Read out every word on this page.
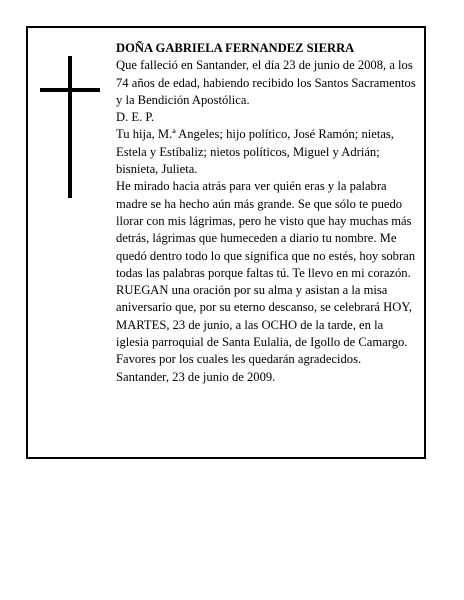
DOÑA GABRIELA FERNANDEZ SIERRA

Que falleció en Santander, el día 23 de junio de 2008, a los 74 años de edad, habiendo recibido los Santos Sacramentos y la Bendición Apostólica.

D. E. P.

Tu hija, M.ª Angeles; hijo político, José Ramón; nietas, Estela y Estíbaliz; nietos políticos, Miguel y Adrián; bisnieta, Julieta.

He mirado hacia atrás para ver quién eras y la palabra madre se ha hecho aún más grande. Se que sólo te puedo llorar con mis lágrimas, pero he visto que hay muchas más detrás, lágrimas que humeceden a diario tu nombre. Me quedó dentro todo lo que significa que no estés, hoy sobran todas las palabras porque faltas tú. Te llevo en mi corazón.

RUEGAN una oración por su alma y asistan a la misa aniversario que, por su eterno descanso, se celebrará HOY, MARTES, 23 de junio, a las OCHO de la tarde, en la iglesia parroquial de Santa Eulalia, de Igollo de Camargo. Favores por los cuales les quedarán agradecidos.

Santander, 23 de junio de 2009.
